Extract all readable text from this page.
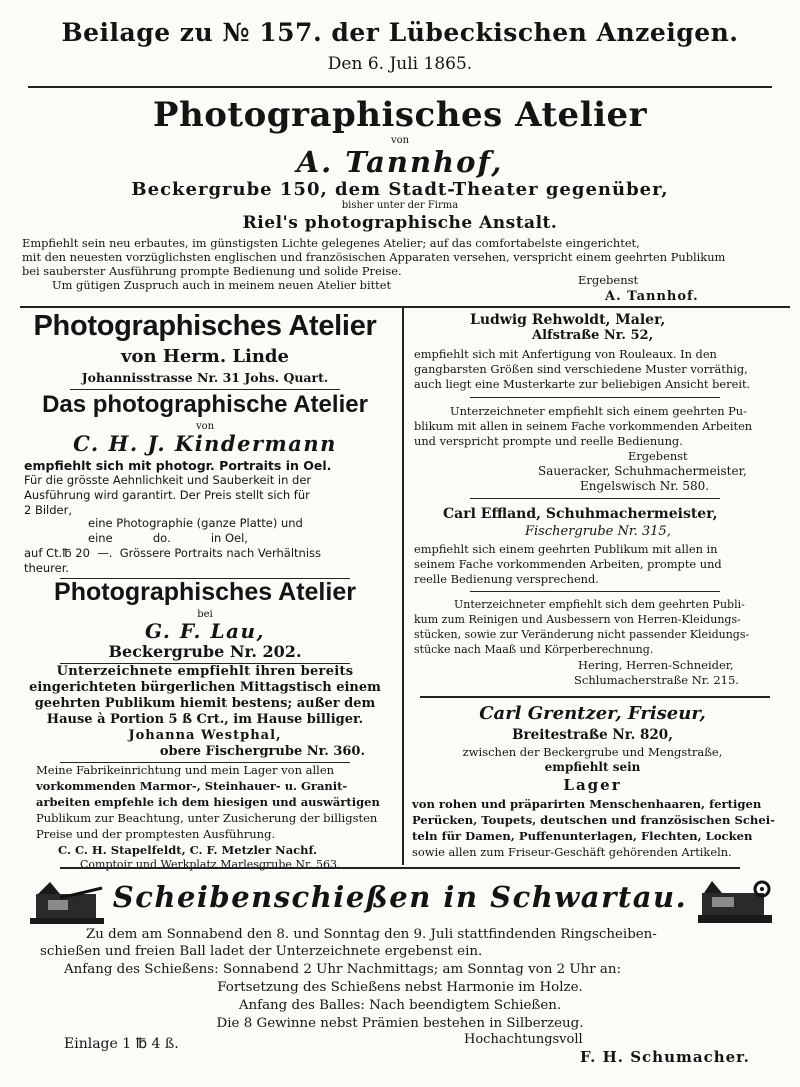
Beilage zu № 157. der Lübeckischen Anzeigen.
Den 6. Juli 1865.
Photographisches Atelier
von
A. Tannhof,
Beckergrube 150, dem Stadt-Theater gegenüber,
bisher unter der Firma
Riel's photographische Anstalt.
Empfiehlt sein neu erbautes, im günstigsten Lichte gelegenes Atelier; auf das comfortabelste eingerichtet,
mit den neuesten vorzüglichsten englischen und französischen Apparaten versehen, verspricht einem geehrten Publikum
bei sauberster Ausführung prompte Bedienung und solide Preise.
Um gütigen Zuspruch auch in meinem neuen Atelier bittet	Ergebenst
A. Tannhof.
Photographisches Atelier
von Herm. Linde
Johannisstrasse Nr. 31 Johs. Quart.
Das photographische Atelier
von
C. H. J. Kindermann
empfiehlt sich mit photogr. Portraits in Oel.
Für die grösste Aehnlichkeit und Sauberkeit in der
Ausführung wird garantirt. Der Preis stellt sich für
2 Bilder,
eine Photographie (ganze Platte) und
eine           do.           in Oel,
auf Ct.℔ 20  —.  Grössere Portraits nach Verhältniss
theurer.
Photographisches Atelier
bei
G. F. Lau,
Beckergrube Nr. 202.
Unterzeichnete empfiehlt ihren bereits
eingerichteten bürgerlichen Mittagstisch einem
geehrten Publikum hiemit bestens; außer dem
Hause à Portion 5 ß Crt., im Hause billiger.
Johanna Westphal,
obere Fischergrube Nr. 360.
Meine Fabrikeinrichtung und mein Lager von allen
vorkommenden Marmor-, Steinhauer- u. Granit-
arbeiten empfehle ich dem hiesigen und auswärtigen
Publikum zur Beachtung, unter Zusicherung der billigsten
Preise und der promptesten Ausführung.
C. C. H. Stapelfeldt, C. F. Metzler Nachf.
Comptoir und Werkplatz Marlesgrube Nr. 563.
Ludwig Rehwoldt, Maler,
Alfstraße Nr. 52,
empfiehlt sich mit Anfertigung von Rouleaux. In den
gangbarsten Größen sind verschiedene Muster vorräthig,
auch liegt eine Musterkarte zur beliebigen Ansicht bereit.
Unterzeichneter empfiehlt sich einem geehrten Pu-
blikum mit allen in seinem Fache vorkommenden Arbeiten
und verspricht prompte und reelle Bedienung.
Ergebenst
Saueracker, Schuhmachermeister,
Engelswisch Nr. 580.
Carl Effland, Schuhmachermeister,
Fischergrube Nr. 315,
empfiehlt sich einem geehrten Publikum mit allen in
seinem Fache vorkommenden Arbeiten, prompte und
reelle Bedienung versprechend.
Unterzeichneter empfiehlt sich dem geehrten Publi-
kum zum Reinigen und Ausbessern von Herren-Kleidungs-
stücken, sowie zur Veränderung nicht passender Kleidungs-
stücke nach Maaß und Körperberechnung.
Hering, Herren-Schneider,
Schlumacherstraße Nr. 215.
Carl Grentzer, Friseur,
Breitestraße Nr. 820,
zwischen der Beckergrube und Mengstraße,
empfiehlt sein
Lager
von rohen und präparirten Menschenhaaren, fertigen
Perücken, Toupets, deutschen und französischen Schei-
teln für Damen, Puffenunterlagen, Flechten, Locken
sowie allen zum Friseur-Geschäft gehörenden Artikeln.
Scheibenschießen in Schwartau.
Zu dem am Sonnabend den 8. und Sonntag den 9. Juli stattfindenden Ringscheiben-
schießen und freien Ball ladet der Unterzeichnete ergebenst ein.
Anfang des Schießens: Sonnabend 2 Uhr Nachmittags; am Sonntag von 2 Uhr an:
Fortsetzung des Schießens nebst Harmonie im Holze.
Anfang des Balles: Nach beendigtem Schießen.
Die 8 Gewinne nebst Prämien bestehen in Silberzeug.
Einlage 1 ℔ 4 ß.	Hochachtungsvoll
F. H. Schumacher.
